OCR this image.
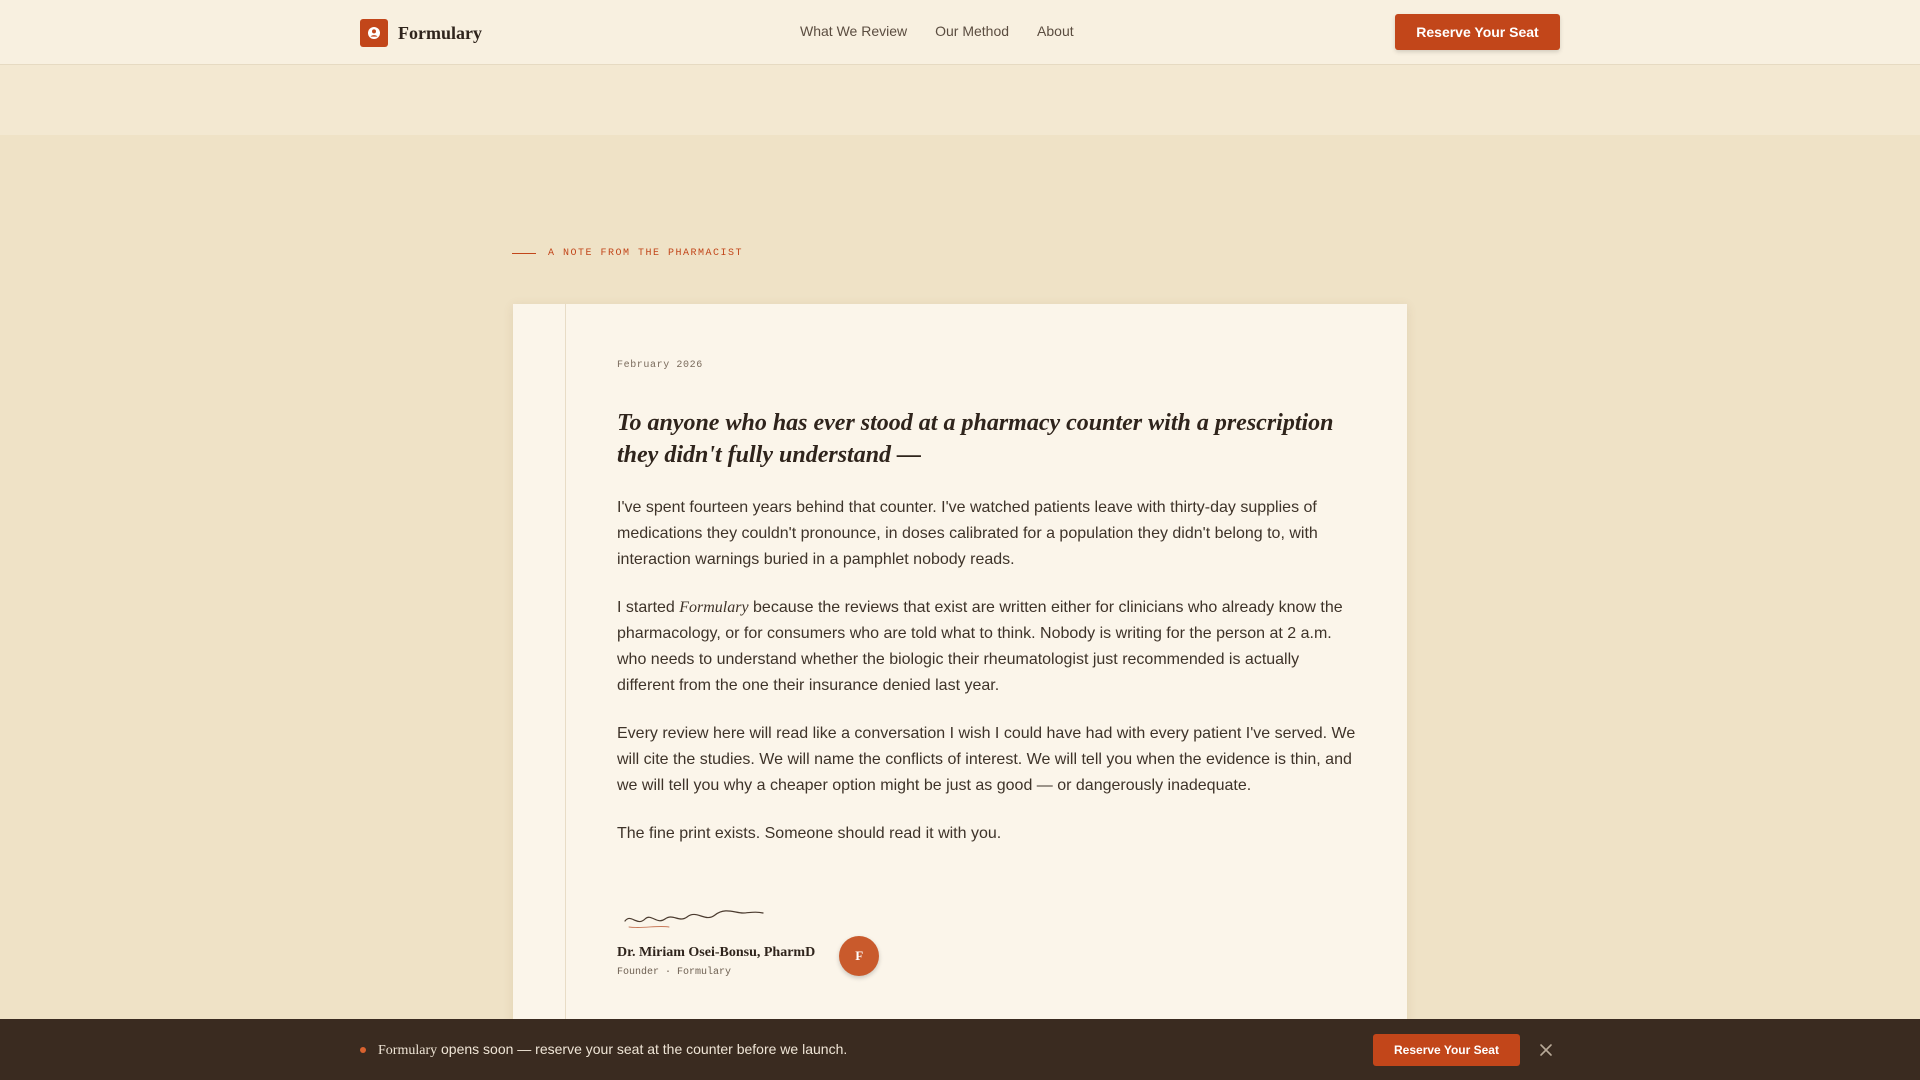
Formulary	What We Review Our Method About	Reserve Your Seat
A NOTE FROM THE PHARMACIST
February 2026
To anyone who has ever stood at a pharmacy counter with a prescription they didn't fully understand —

I've spent fourteen years behind that counter. I've watched patients leave with thirty-day supplies of medications they couldn't pronounce, in doses calibrated for a population they didn't belong to, with interaction warnings buried in a pamphlet nobody reads.

I started Formulary because the reviews that exist are written either for clinicians who already know the pharmacology, or for consumers who are told what to think. Nobody is writing for the person at 2 a.m. who needs to understand whether the biologic their rheumatologist just recommended is actually different from the one their insurance denied last year.

Every review here will read like a conversation I wish I could have had with every patient I've served. We will cite the studies. We will name the conflicts of interest. We will tell you when the evidence is thin, and we will tell you why a cheaper option might be just as good — or dangerously inadequate.

The fine print exists. Someone should read it with you.

Dr. Miriam Osei-Bonsu, PharmD
Founder · Formulary
F
Formulary opens soon — reserve your seat at the counter before we launch.	Reserve Your Seat
